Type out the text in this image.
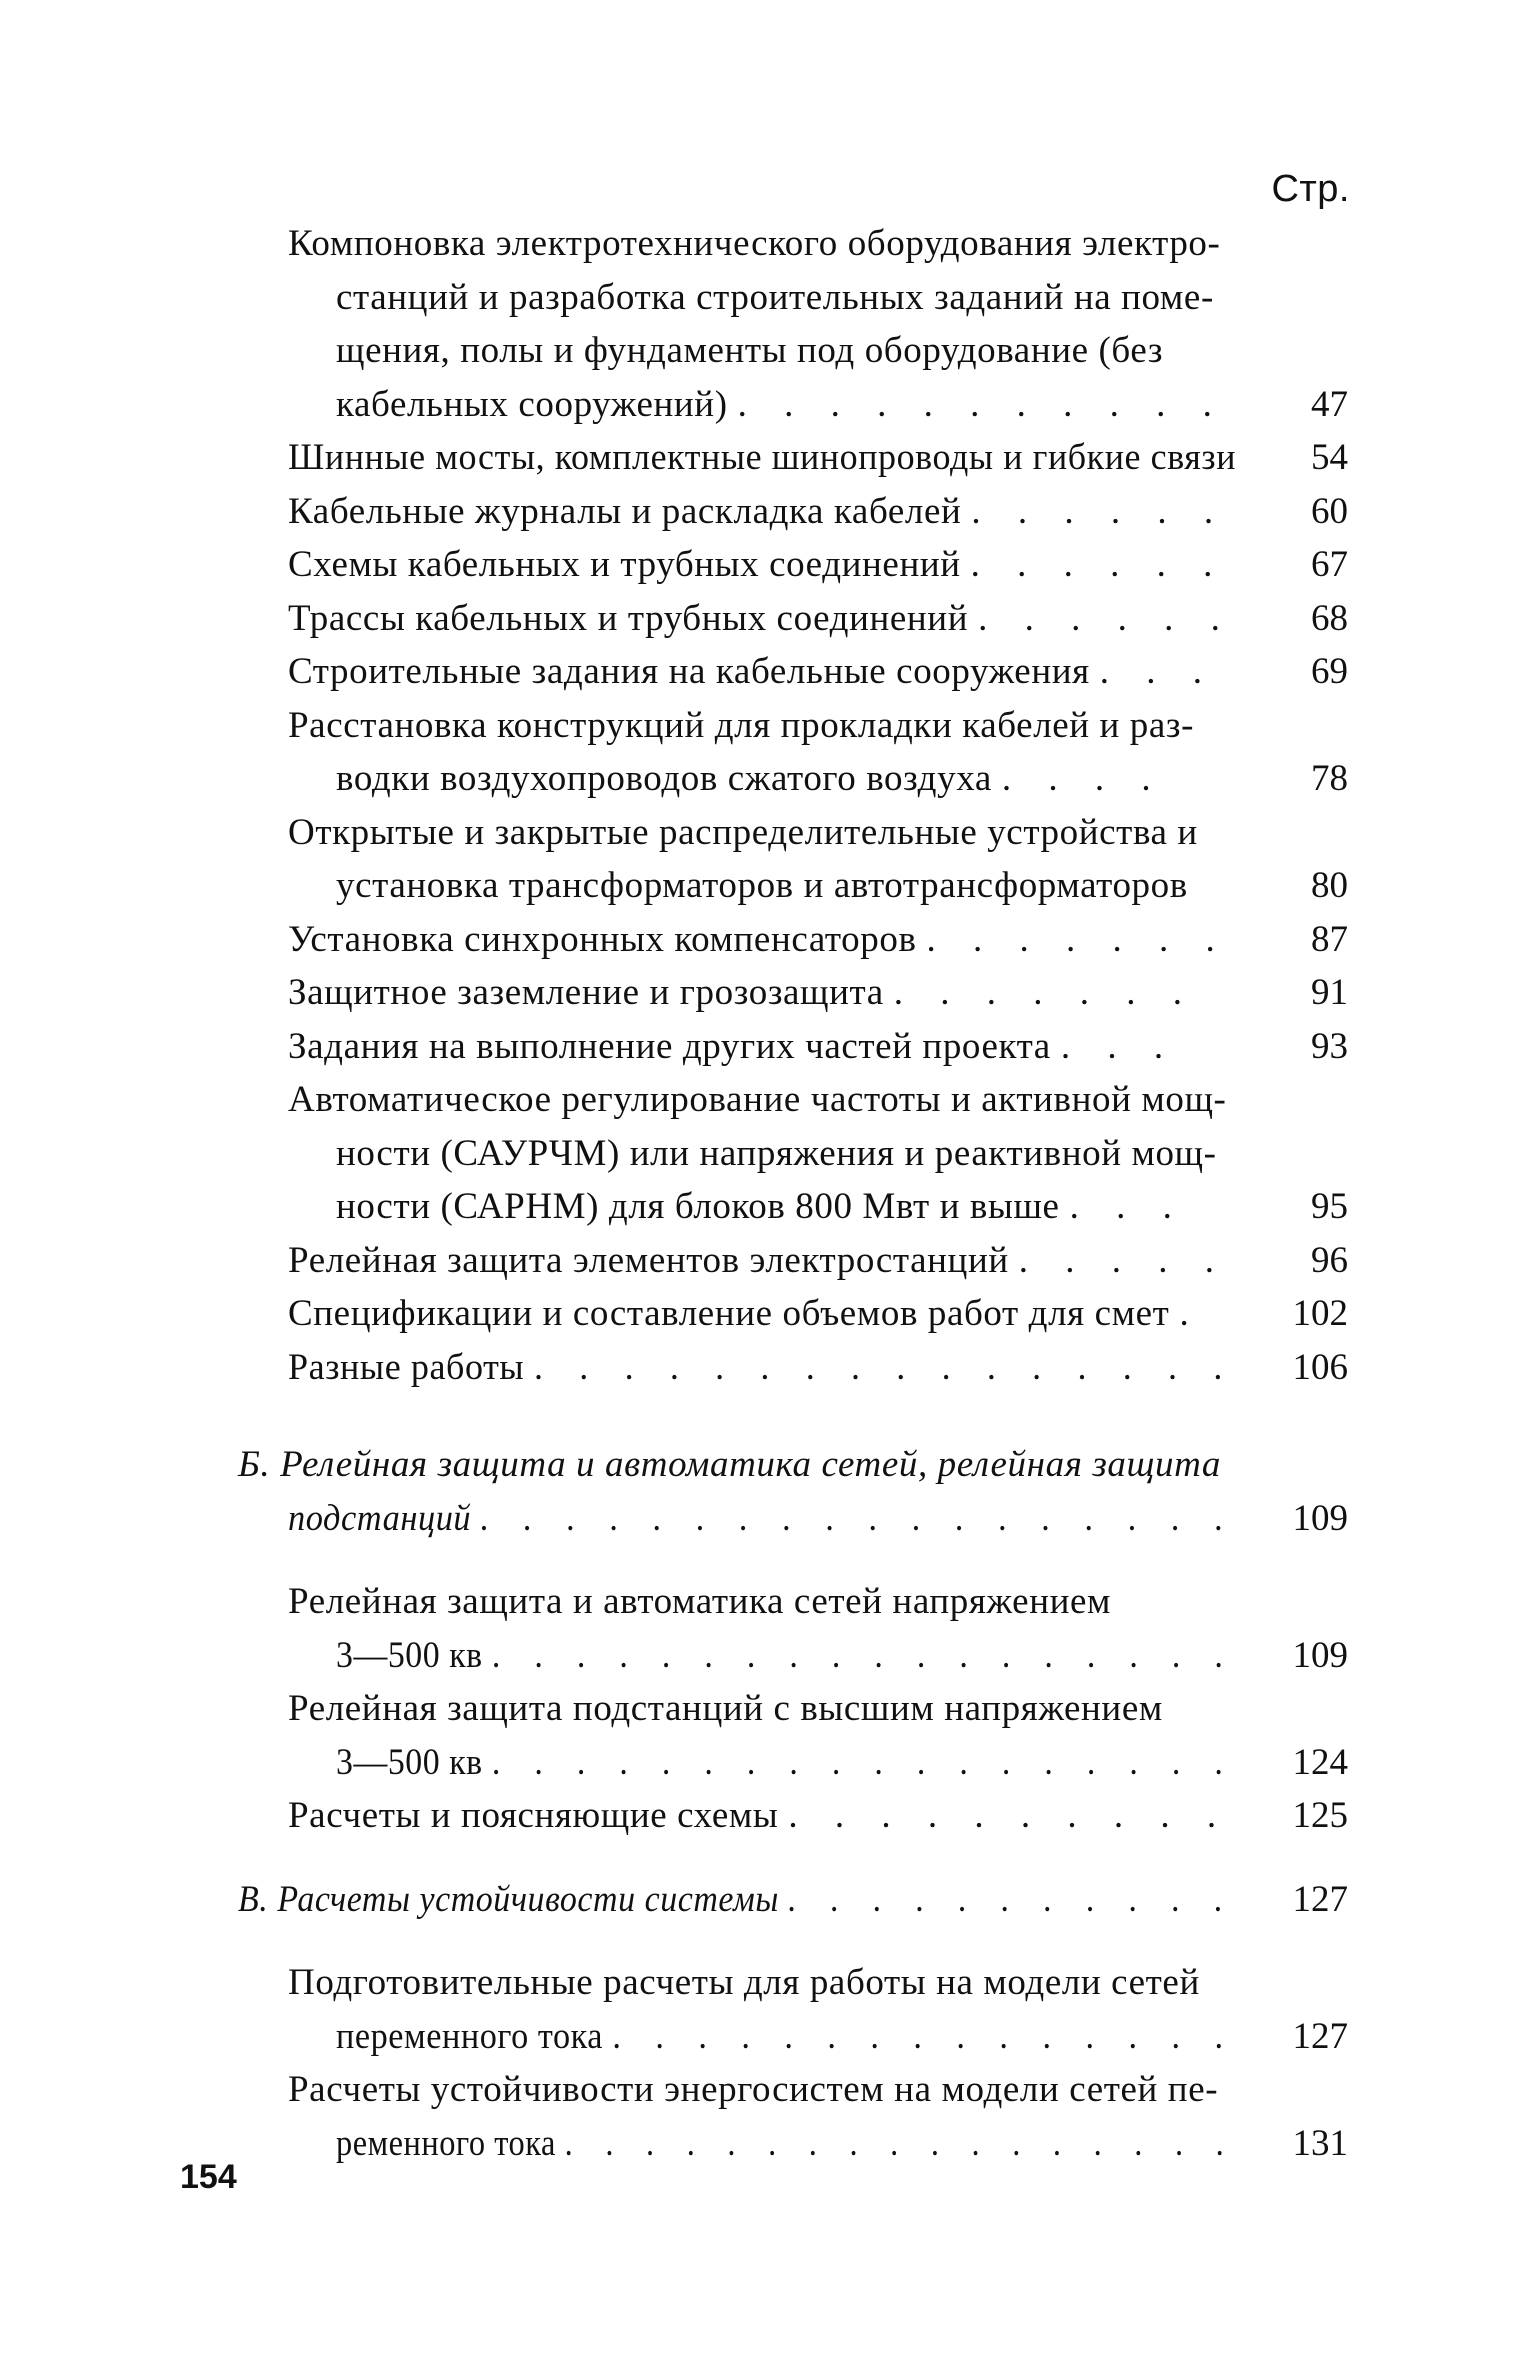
Стр.
Компоновка электротехнического оборудования электро-
станций и разработка строительных заданий на поме-
щения, полы и фундаменты под оборудование (без
кабельных сооружений) . . . . . . . . . . .	47
Шинные мосты, комплектные шинопроводы и гибкие связи	54
Кабельные журналы и раскладка кабелей . . . . . .	60
Схемы кабельных и трубных соединений . . . . . .	67
Трассы кабельных и трубных соединений . . . . . .	68
Строительные задания на кабельные сооружения . . .	69
Расстановка конструкций для прокладки кабелей и раз-
водки воздухопроводов сжатого воздуха . . . .	78
Открытые и закрытые распределительные устройства и
установка трансформаторов и автотрансформаторов	80
Установка синхронных компенсаторов . . . . . . .	87
Защитное заземление и грозозащита . . . . . . .	91
Задания на выполнение других частей проекта . . .	93
Автоматическое регулирование частоты и активной мощ-
ности (САУРЧМ) или напряжения и реактивной мощ-
ности (САРНМ) для блоков 800 Мвт и выше . . .	95
Релейная защита элементов электростанций . . . . .	96
Спецификации и составление объемов работ для смет .	102
Разные работы . . . . . . . . . . . . . . . .	106
Б. Релейная защита и автоматика сетей, релейная защита
подстанций . . . . . . . . . . . . . . . . . .	109
Релейная защита и автоматика сетей напряжением
3—500 кв . . . . . . . . . . . . . . . . . .	109
Релейная защита подстанций с высшим напряжением
3—500 кв . . . . . . . . . . . . . . . . . .	124
Расчеты и поясняющие схемы . . . . . . . . . .	125
В. Расчеты устойчивости системы . . . . . . . . . . .	127
Подготовительные расчеты для работы на модели сетей
переменного тока . . . . . . . . . . . . . . .	127
Расчеты устойчивости энергосистем на модели сетей пе-
ременного тока . . . . . . . . . . . . . . . . .	131
154
